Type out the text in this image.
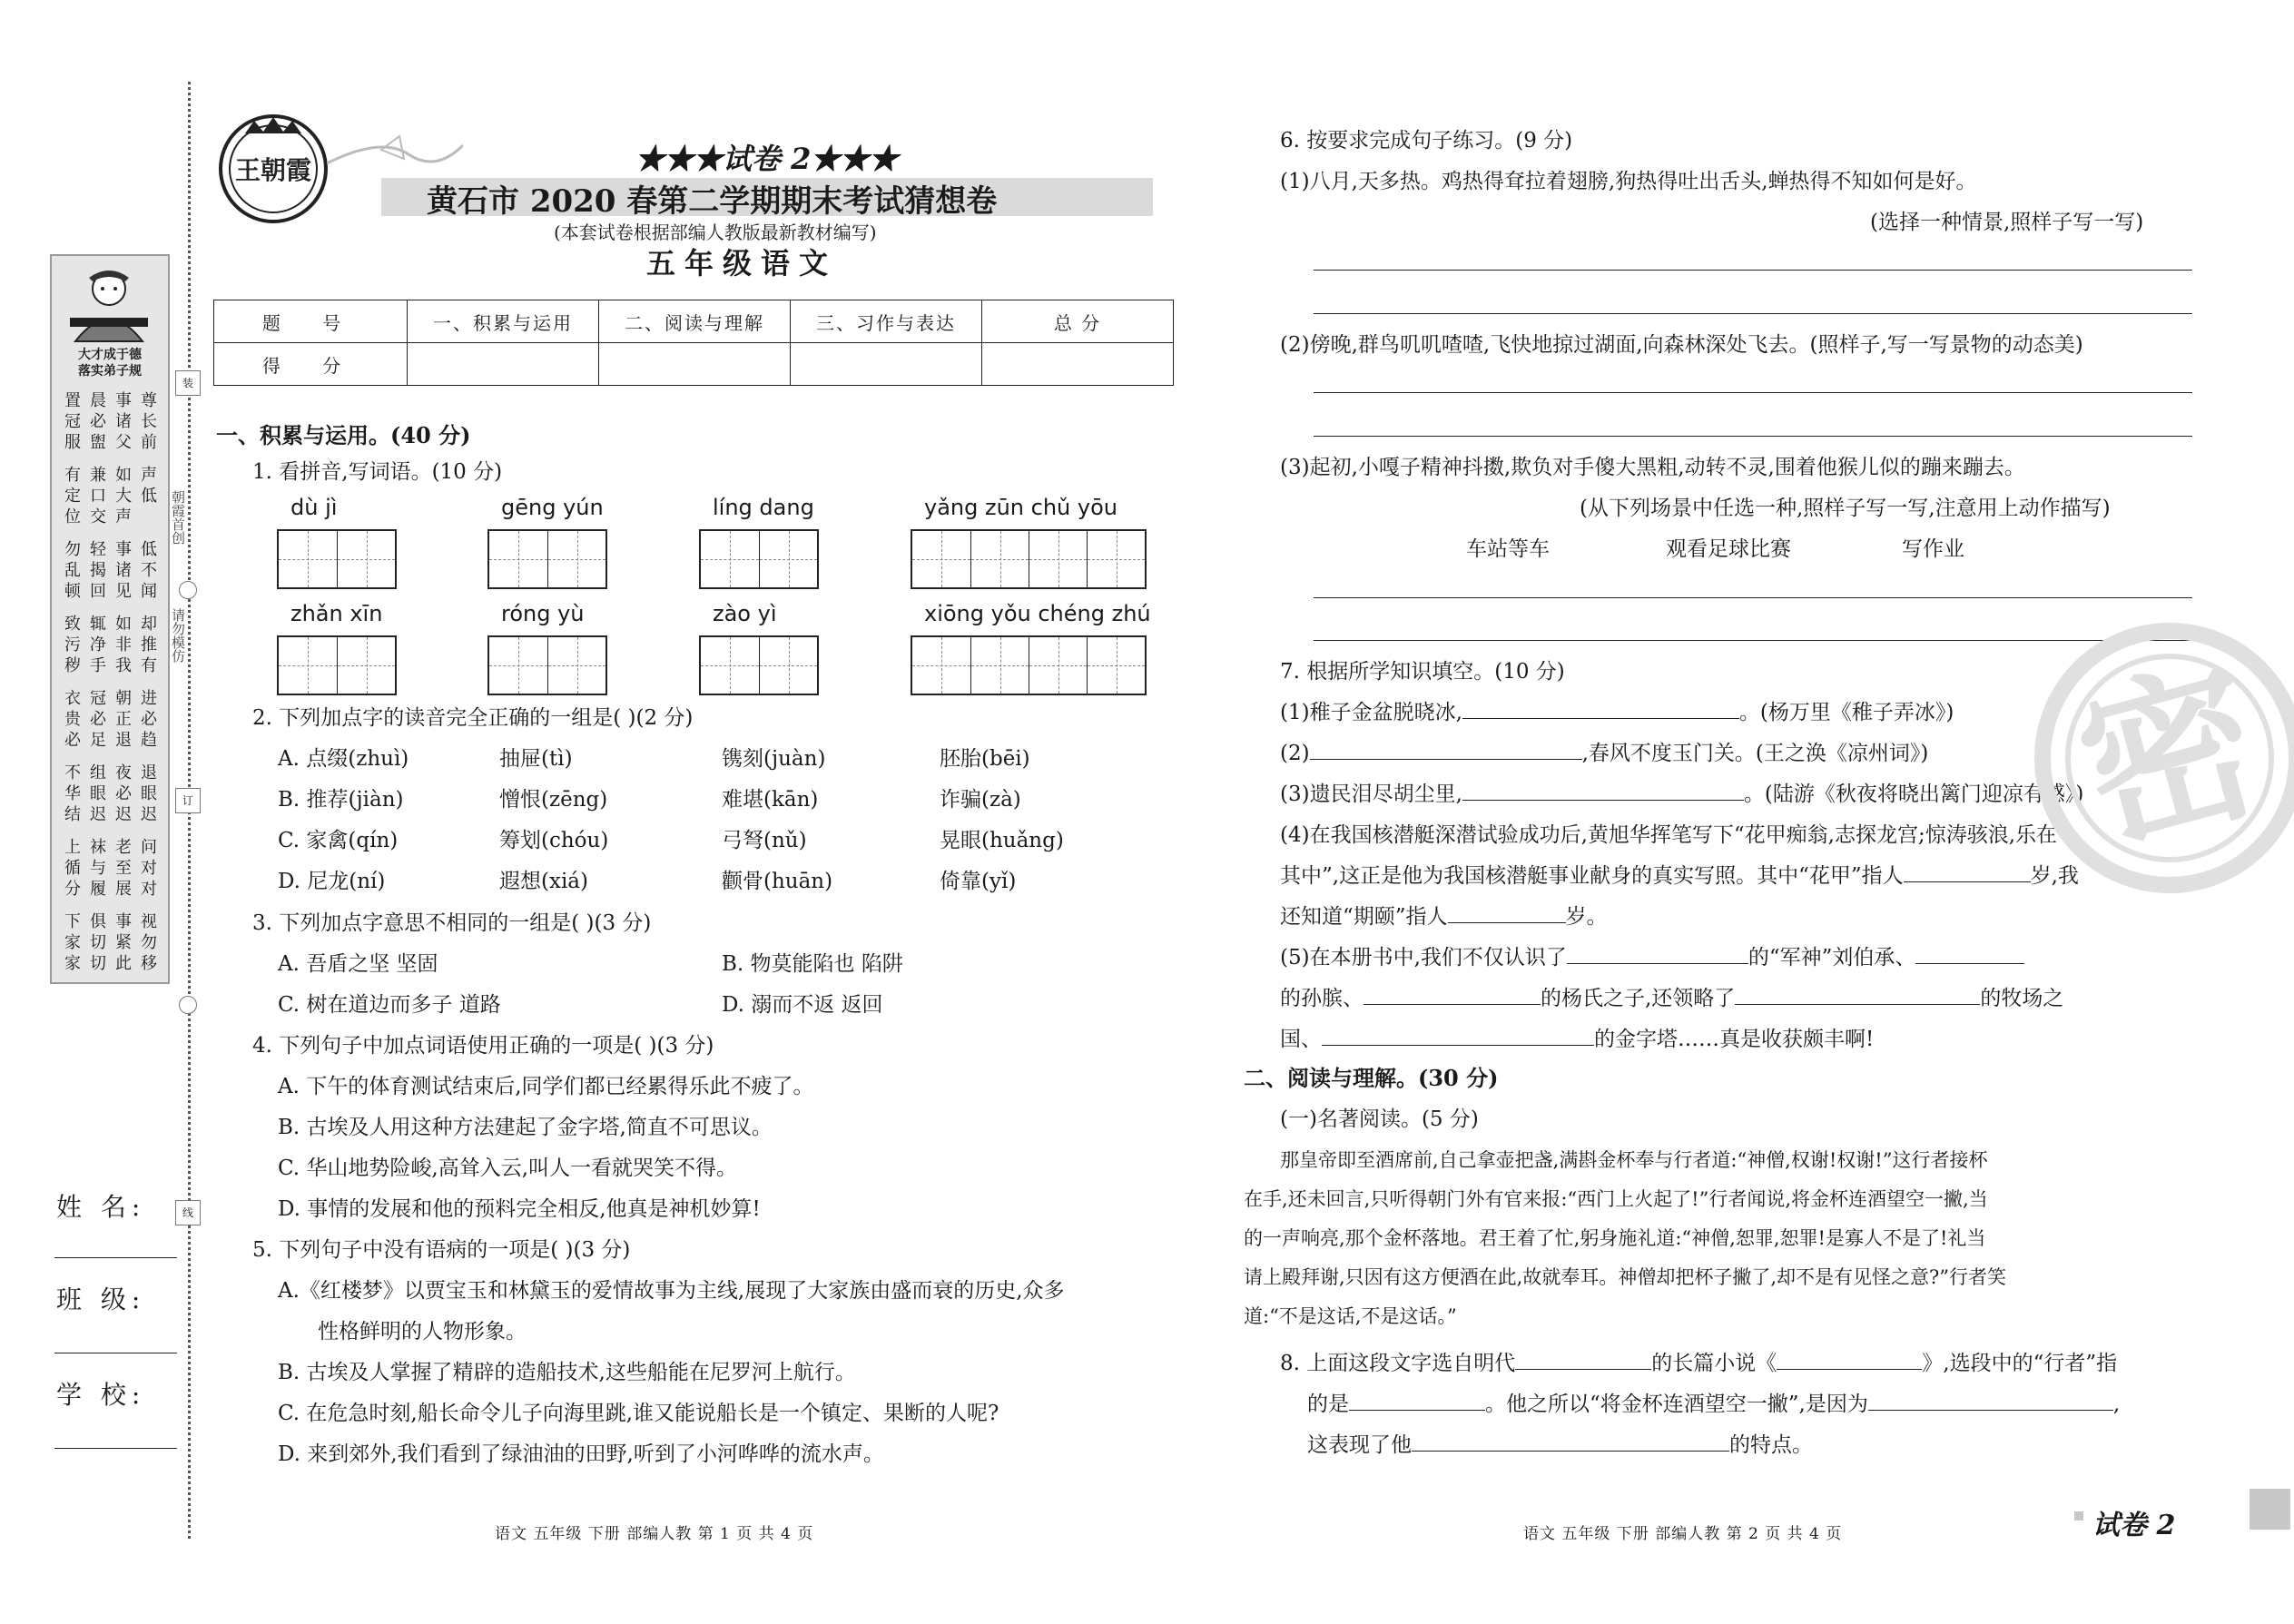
装
朝霞首创
请勿模仿
订
线
大才成于德
落实弟子规
置冠服
晨必盥
事诸父
尊长前
有定位
兼口交
如大声
声低
勿乱顿
轻揭回
事诸见
低不闻
致污秽
辄净手
如非我
却推有
衣贵必
冠必足
朝正退
进必趋
不华结
组眼迟
夜必迟
退眼迟
上循分
袜与履
老至展
问对对
下家家
俱切切
事紧此
视勿移
姓 名:
班 级:
学 校:
王朝霞	★★★试卷 2★★★
黄石市 2020 春第二学期期末考试猜想卷
(本套试卷根据部编人教版最新教材编写)
五年级语文
题 号	一、积累与运用	二、阅读与理解	三、习作与表达	总 分
得 分				
一、积累与运用。(40 分)
1. 看拼音,写词语。(10 分)
dù jì	gēng yún	líng dang	yǎng zūn chǔ yōu
zhǎn xīn	róng yù	zào yì	xiōng yǒu chéng zhú
2. 下列加点字的读音完全正确的一组是( )(2 分)
A. 点缀(zhuì)	抽屉(tì)	镌刻(juàn)	胚胎(bēi)
B. 推荐(jiàn)	憎恨(zēng)	难堪(kān)	诈骗(zà)
C. 家禽(qín)	筹划(chóu)	弓弩(nǔ)	晃眼(huǎng)
D. 尼龙(ní)	遐想(xiá)	颧骨(huān)	倚靠(yǐ)
3. 下列加点字意思不相同的一组是( )(3 分)
A. 吾盾之坚 坚固	B. 物莫能陷也 陷阱
C. 树在道边而多子 道路	D. 溺而不返 返回
4. 下列句子中加点词语使用正确的一项是( )(3 分)
A. 下午的体育测试结束后,同学们都已经累得乐此不疲了。
B. 古埃及人用这种方法建起了金字塔,简直不可思议。
C. 华山地势险峻,高耸入云,叫人一看就哭笑不得。
D. 事情的发展和他的预料完全相反,他真是神机妙算!
5. 下列句子中没有语病的一项是( )(3 分)
A.《红楼梦》以贾宝玉和林黛玉的爱情故事为主线,展现了大家族由盛而衰的历史,众多
性格鲜明的人物形象。
B. 古埃及人掌握了精辟的造船技术,这些船能在尼罗河上航行。
C. 在危急时刻,船长命令儿子向海里跳,谁又能说船长是一个镇定、果断的人呢?
D. 来到郊外,我们看到了绿油油的田野,听到了小河哗哗的流水声。
语文 五年级 下册 部编人教 第 1 页 共 4 页
6. 按要求完成句子练习。(9 分)
(1)八月,天多热。鸡热得耷拉着翅膀,狗热得吐出舌头,蝉热得不知如何是好。
(选择一种情景,照样子写一写)
(2)傍晚,群鸟叽叽喳喳,飞快地掠过湖面,向森林深处飞去。(照样子,写一写景物的动态美)
(3)起初,小嘎子精神抖擞,欺负对手傻大黑粗,动转不灵,围着他猴儿似的蹦来蹦去。
(从下列场景中任选一种,照样子写一写,注意用上动作描写)
车站等车	观看足球比赛	写作业
7. 根据所学知识填空。(10 分)
(1)稚子金盆脱晓冰,	。(杨万里《稚子弄冰》)
(2)	,春风不度玉门关。(王之涣《凉州词》)
(3)遗民泪尽胡尘里,	。(陆游《秋夜将晓出篱门迎凉有感》)
(4)在我国核潜艇深潜试验成功后,黄旭华挥笔写下“花甲痴翁,志探龙宫;惊涛骇浪,乐在
其中”,这正是他为我国核潜艇事业献身的真实写照。其中“花甲”指人	岁,我
还知道“期颐”指人	岁。
(5)在本册书中,我们不仅认识了	的“军神”刘伯承、
的孙膑、	的杨氏之子,还领略了	的牧场之
国、	的金字塔……真是收获颇丰啊!
二、阅读与理解。(30 分)
(一)名著阅读。(5 分)
那皇帝即至酒席前,自己拿壶把盏,满斟金杯奉与行者道:“神僧,权谢!权谢!”这行者接杯
在手,还未回言,只听得朝门外有官来报:“西门上火起了!”行者闻说,将金杯连酒望空一撇,当
的一声响亮,那个金杯落地。君王着了忙,躬身施礼道:“神僧,恕罪,恕罪!是寡人不是了!礼当
请上殿拜谢,只因有这方便酒在此,故就奉耳。神僧却把杯子撇了,却不是有见怪之意?”行者笑
道:“不是这话,不是这话。”
8. 上面这段文字选自明代	的长篇小说《	》,选段中的“行者”指
的是	。他之所以“将金杯连酒望空一撇”,是因为	,
这表现了他	的特点。
语文 五年级 下册 部编人教 第 2 页 共 4 页
密
试卷 2
